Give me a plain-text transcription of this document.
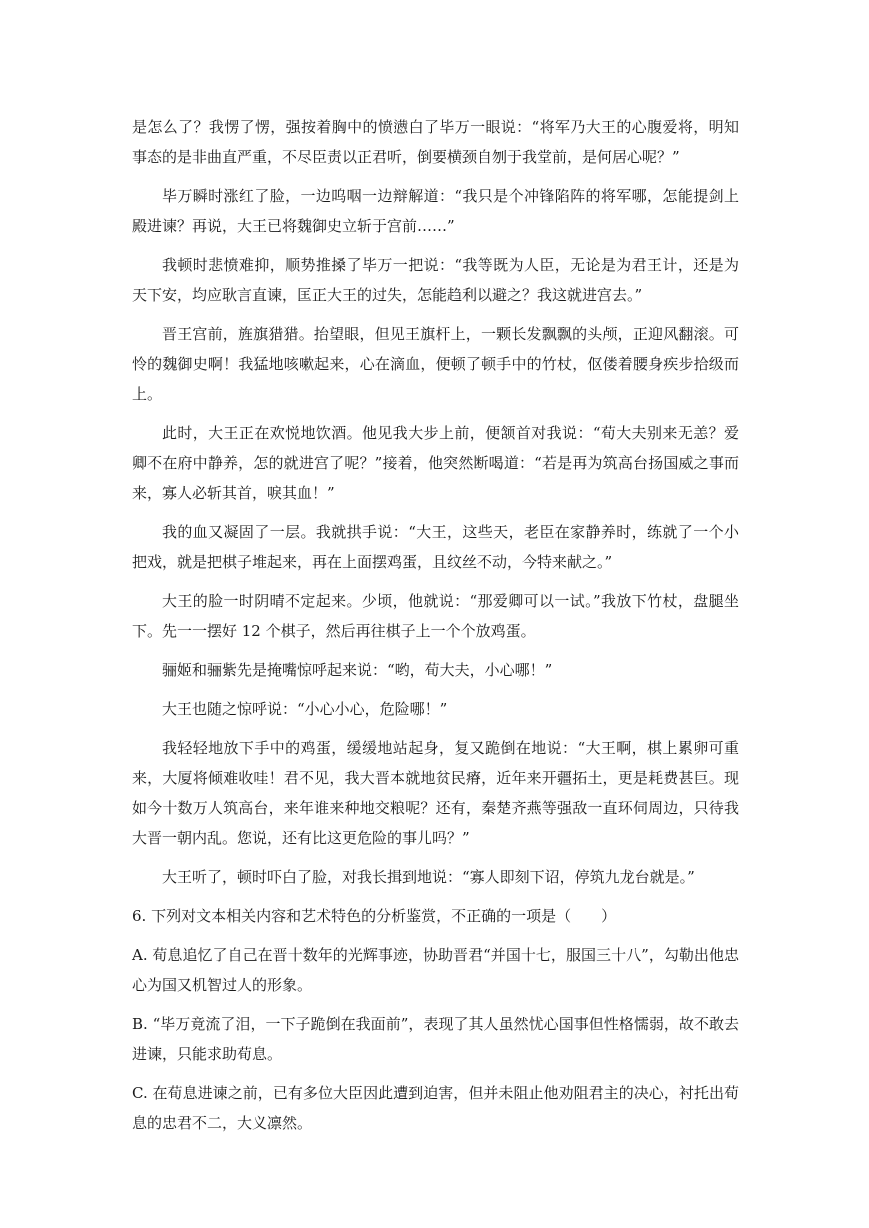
是怎么了？我愣了愣，强按着胸中的愤懑白了毕万一眼说：“将军乃大王的心腹爱将，明知事态的是非曲直严重，不尽臣责以正君听，倒要横颈自刎于我堂前，是何居心呢？”

毕万瞬时涨红了脸，一边呜咽一边辩解道：“我只是个冲锋陷阵的将军哪，怎能提剑上殿进谏？再说，大王已将魏御史立斩于宫前……”

我顿时悲愤难抑，顺势推搡了毕万一把说：“我等既为人臣，无论是为君王计，还是为天下安，均应耿言直谏，匡正大王的过失，怎能趋利以避之？我这就进宫去。”

晋王宫前，旌旗猎猎。抬望眼，但见王旗杆上，一颗长发飘飘的头颅，正迎风翻滚。可怜的魏御史啊！我猛地咳嗽起来，心在滴血，便顿了顿手中的竹杖，伛偻着腰身疾步拾级而上。

此时，大王正在欢悦地饮酒。他见我大步上前，便颔首对我说：“荀大夫别来无恙？爱卿不在府中静养，怎的就进宫了呢？”接着，他突然断喝道：“若是再为筑高台扬国威之事而来，寡人必斩其首，唳其血！”

我的血又凝固了一层。我就拱手说：“大王，这些天，老臣在家静养时，练就了一个小把戏，就是把棋子堆起来，再在上面摆鸡蛋，且纹丝不动，今特来献之。”

大王的脸一时阴晴不定起来。少顷，他就说：“那爱卿可以一试。”我放下竹杖，盘腿坐下。先一一摆好 12 个棋子，然后再往棋子上一个个放鸡蛋。

骊姬和骊紫先是掩嘴惊呼起来说：“哟，荀大夫，小心哪！”

大王也随之惊呼说：“小心小心，危险哪！”

我轻轻地放下手中的鸡蛋，缓缓地站起身，复又跪倒在地说：“大王啊，棋上累卵可重来，大厦将倾难收哇！君不见，我大晋本就地贫民瘠，近年来开疆拓土，更是耗费甚巨。现如今十数万人筑高台，来年谁来种地交粮呢？还有，秦楚齐燕等强敌一直环伺周边，只待我大晋一朝内乱。您说，还有比这更危险的事儿吗？”

大王听了，顿时吓白了脸，对我长揖到地说：“寡人即刻下诏，停筑九龙台就是。”

6. 下列对文本相关内容和艺术特色的分析鉴赏，不正确的一项是（　　）

A. 荀息追忆了自己在晋十数年的光辉事迹，协助晋君“并国十七，服国三十八”，勾勒出他忠心为国又机智过人的形象。

B. “毕万竟流了泪，一下子跪倒在我面前”，表现了其人虽然忧心国事但性格懦弱，故不敢去进谏，只能求助荀息。

C. 在荀息进谏之前，已有多位大臣因此遭到迫害，但并未阻止他劝阻君主的决心，衬托出荀息的忠君不二，大义凛然。
